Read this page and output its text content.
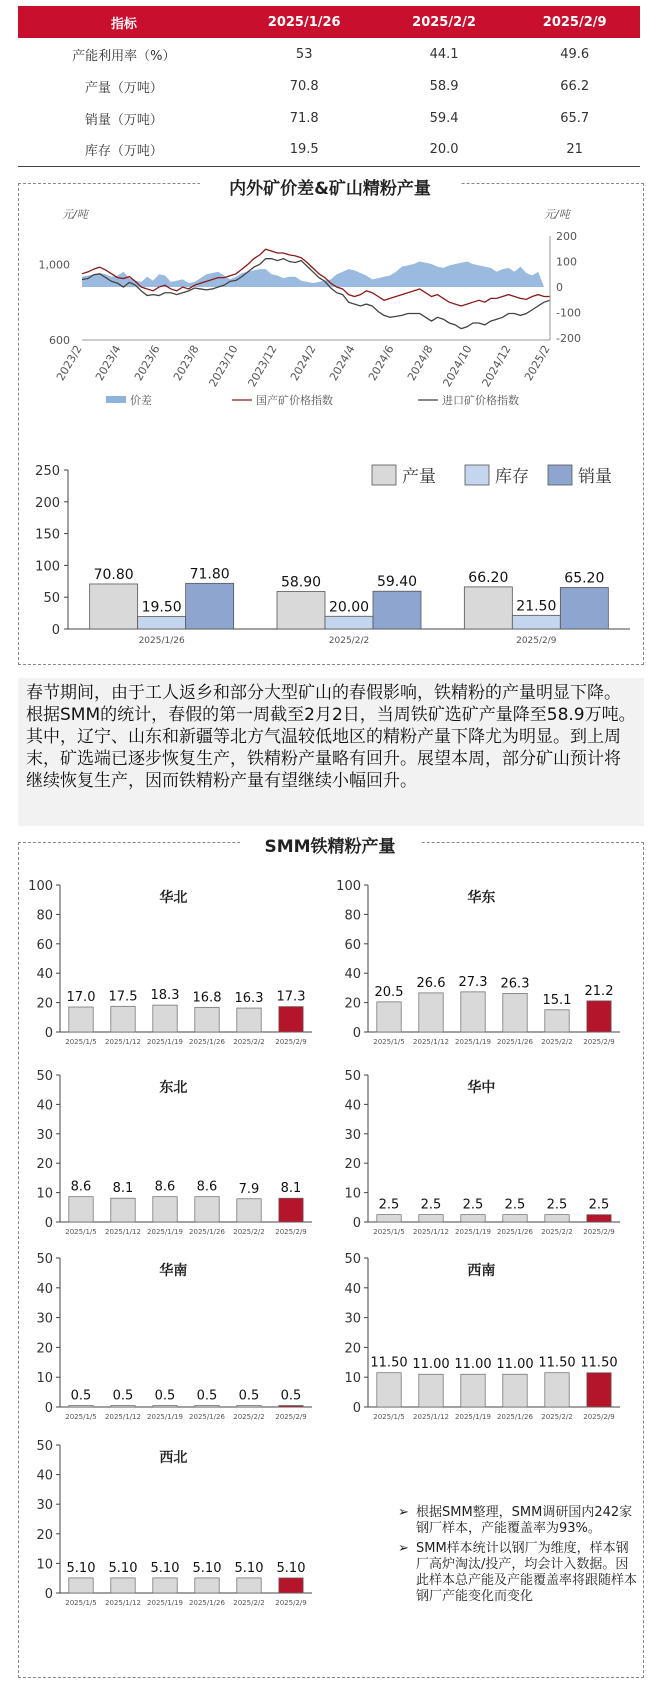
指标	2025/1/26	2025/2/2	2025/2/9
产能利用率（%）	53	44.1	49.6
产量（万吨）	70.8	58.9	66.2
销量（万吨）	71.8	59.4	65.7
库存（万吨）	19.5	20.0	21
内外矿价差&矿山精粉产量
元/吨	元/吨
1,000
600
200
100
0
-100
-200
2023/2 2023/4 2023/6 2023/8 2023/10 2023/12 2024/2 2024/4 2024/6 2024/8 2024/10 2024/12 2025/2
价差	国产矿价格指数	进口矿价格指数
0
50
100
150
200
250
70.80
19.50
71.80
2025/1/26
58.90
20.00
59.40
2025/2/2
66.20
21.50
65.20
2025/2/9
产量	库存	销量
春节期间，由于工人返乡和部分大型矿山的春假影响，铁精粉的产量明显下降。根据SMM的统计，春假的第一周截至2月2日，当周铁矿选矿产量降至58.9万吨。其中，辽宁、山东和新疆等北方气温较低地区的精粉产量下降尤为明显。到上周末，矿选端已逐步恢复生产，铁精粉产量略有回升。展望本周，部分矿山预计将继续恢复生产，因而铁精粉产量有望继续小幅回升。
SMM铁精粉产量
0
20
40
60
80
100
华北
17.0
2025/1/5
17.5
2025/1/12
18.3
2025/1/19
16.8
2025/1/26
16.3
2025/2/2
17.3
2025/2/9
0
20
40
60
80
100
华东
20.5
2025/1/5
26.6
2025/1/12
27.3
2025/1/19
26.3
2025/1/26
15.1
2025/2/2
21.2
2025/2/9
0
10
20
30
40
50
东北
8.6
2025/1/5
8.1
2025/1/12
8.6
2025/1/19
8.6
2025/1/26
7.9
2025/2/2
8.1
2025/2/9
0
10
20
30
40
50
华中
2.5
2025/1/5
2.5
2025/1/12
2.5
2025/1/19
2.5
2025/1/26
2.5
2025/2/2
2.5
2025/2/9
0
10
20
30
40
50
华南
0.5
2025/1/5
0.5
2025/1/12
0.5
2025/1/19
0.5
2025/1/26
0.5
2025/2/2
0.5
2025/2/9
0
10
20
30
40
50
西南
11.50
2025/1/5
11.00
2025/1/12
11.00
2025/1/19
11.00
2025/1/26
11.50
2025/2/2
11.50
2025/2/9
0
10
20
30
40
50
西北
5.10
2025/1/5
5.10
2025/1/12
5.10
2025/1/19
5.10
2025/1/26
5.10
2025/2/2
5.10
2025/2/9
➢ 根据SMM整理，SMM调研国内242家钢厂样本，产能覆盖率为93%。
➢ SMM样本统计以钢厂为维度，样本钢厂高炉淘汰/投产，均会计入数据。因此样本总产能及产能覆盖率将跟随样本钢厂产能变化而变化
